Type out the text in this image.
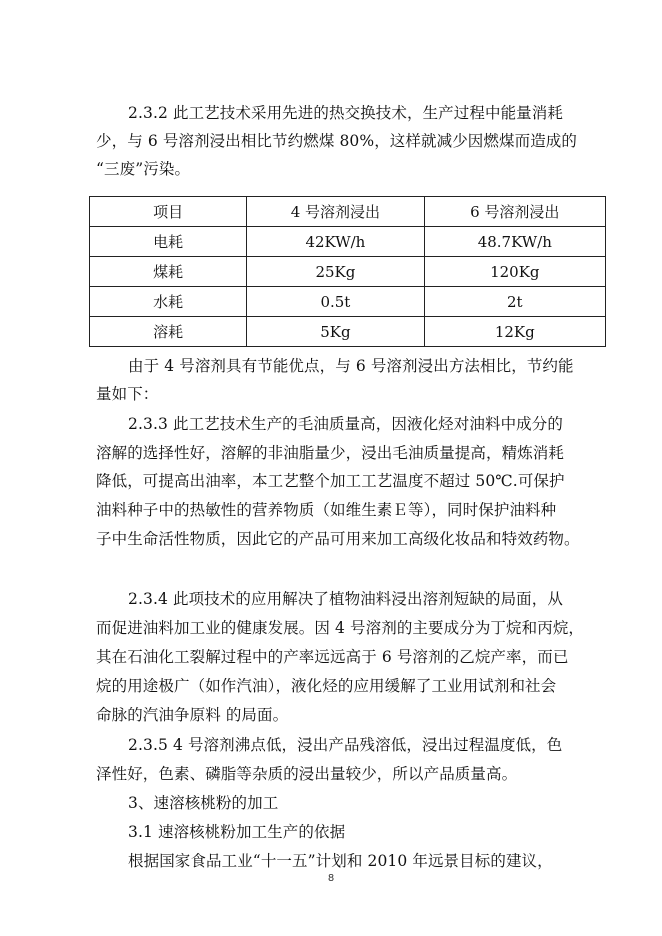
2.3.2 此工艺技术采用先进的热交换技术，生产过程中能量消耗
少，与 6 号溶剂浸出相比节约燃煤 80%，这样就减少因燃煤而造成的
“三废”污染。
项目	4 号溶剂浸出	6 号溶剂浸出
电耗	42KW/h	48.7KW/h
煤耗	25Kg	120Kg
水耗	0.5t	2t
溶耗	5Kg	12Kg
由于 4 号溶剂具有节能优点，与 6 号溶剂浸出方法相比，节约能
量如下：
2.3.3 此工艺技术生产的毛油质量高，因液化烃对油料中成分的
溶解的选择性好，溶解的非油脂量少，浸出毛油质量提高，精炼消耗
降低，可提高出油率，本工艺整个加工工艺温度不超过 50℃.可保护
油料种子中的热敏性的营养物质（如维生素Ｅ等），同时保护油料种
子中生命活性物质，因此它的产品可用来加工高级化妆品和特效药物。
2.3.4 此项技术的应用解决了植物油料浸出溶剂短缺的局面，从
而促进油料加工业的健康发展。因 4 号溶剂的主要成分为丁烷和丙烷，
其在石油化工裂解过程中的产率远远高于 6 号溶剂的乙烷产率，而已
烷的用途极广（如作汽油），液化烃的应用缓解了工业用试剂和社会
命脉的汽油争原料 的局面。
2.3.5 4 号溶剂沸点低，浸出产品残溶低，浸出过程温度低，色
泽性好，色素、磷脂等杂质的浸出量较少，所以产品质量高。
3、速溶核桃粉的加工
3.1 速溶核桃粉加工生产的依据
根据国家食品工业“十一五”计划和 2010 年远景目标的建议，
8
